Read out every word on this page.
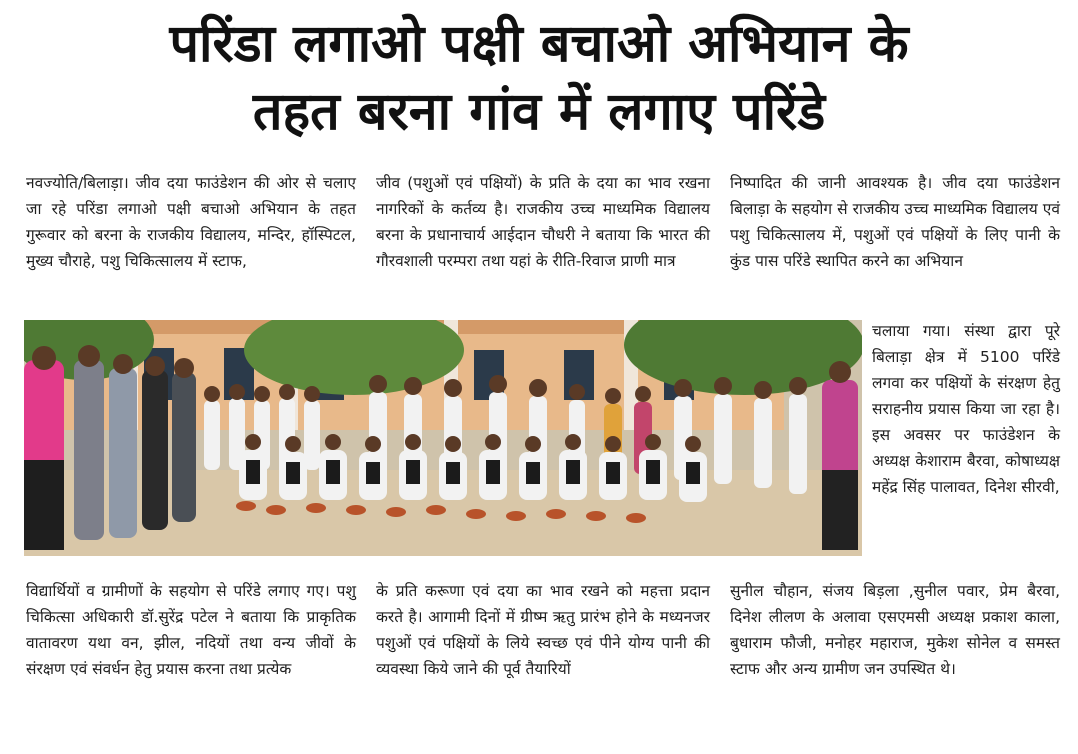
परिंडा लगाओ पक्षी बचाओ अभियान के
तहत बरना गांव में लगाए परिंडे

नवज्योति/बिलाड़ा। जीव दया फाउंडेशन की ओर से चलाए जा रहे परिंडा लगाओ पक्षी बचाओ अभियान के तहत गुरूवार को बरना के राजकीय विद्यालय, मन्दिर, हॉस्पिटल, मुख्य चौराहे, पशु चिकित्सालय में स्टाफ,

जीव (पशुओं एवं पक्षियों) के प्रति के दया का भाव रखना नागरिकों के कर्तव्य है। राजकीय उच्च माध्यमिक विद्यालय बरना के प्रधानाचार्य आईदान चौधरी ने बताया कि भारत की गौरवशाली परम्परा तथा यहां के रीति-रिवाज प्राणी मात्र

निष्पादित की जानी आवश्यक है। जीव दया फाउंडेशन बिलाड़ा के सहयोग से राजकीय उच्च माध्यमिक विद्यालय एवं पशु चिकित्सालय में, पशुओं एवं पक्षियों के लिए पानी के कुंड पास परिंडे स्थापित करने का अभियान

चलाया गया। संस्था द्वारा पूरे बिलाड़ा क्षेत्र में 5100 परिंडे लगवा कर पक्षियों के संरक्षण हेतु सराहनीय प्रयास किया जा रहा है। इस अवसर पर फाउंडेशन के अध्यक्ष केशाराम बैरवा, कोषाध्यक्ष महेंद्र सिंह पालावत, दिनेश सीरवी,

विद्यार्थियों व ग्रामीणों के सहयोग से परिंडे लगाए गए। पशु चिकित्सा अधिकारी डॉ.सुरेंद्र पटेल ने बताया कि प्राकृतिक वातावरण यथा वन, झील, नदियों तथा वन्य जीवों के संरक्षण एवं संवर्धन हेतु प्रयास करना तथा प्रत्येक

के प्रति करूणा एवं दया का भाव रखने को महत्ता प्रदान करते है। आगामी दिनों में ग्रीष्म ऋतु प्रारंभ होने के मध्यनजर पशुओं एवं पक्षियों के लिये स्वच्छ एवं पीने योग्य पानी की व्यवस्था किये जाने की पूर्व तैयारियों

सुनील चौहान, संजय बिड़ला ,सुनील पवार, प्रेम बैरवा, दिनेश लीलण के अलावा एसएमसी अध्यक्ष प्रकाश काला, बुधाराम फौजी, मनोहर महाराज, मुकेश सोनेल व समस्त स्टाफ और अन्य ग्रामीण जन उपस्थित थे।
